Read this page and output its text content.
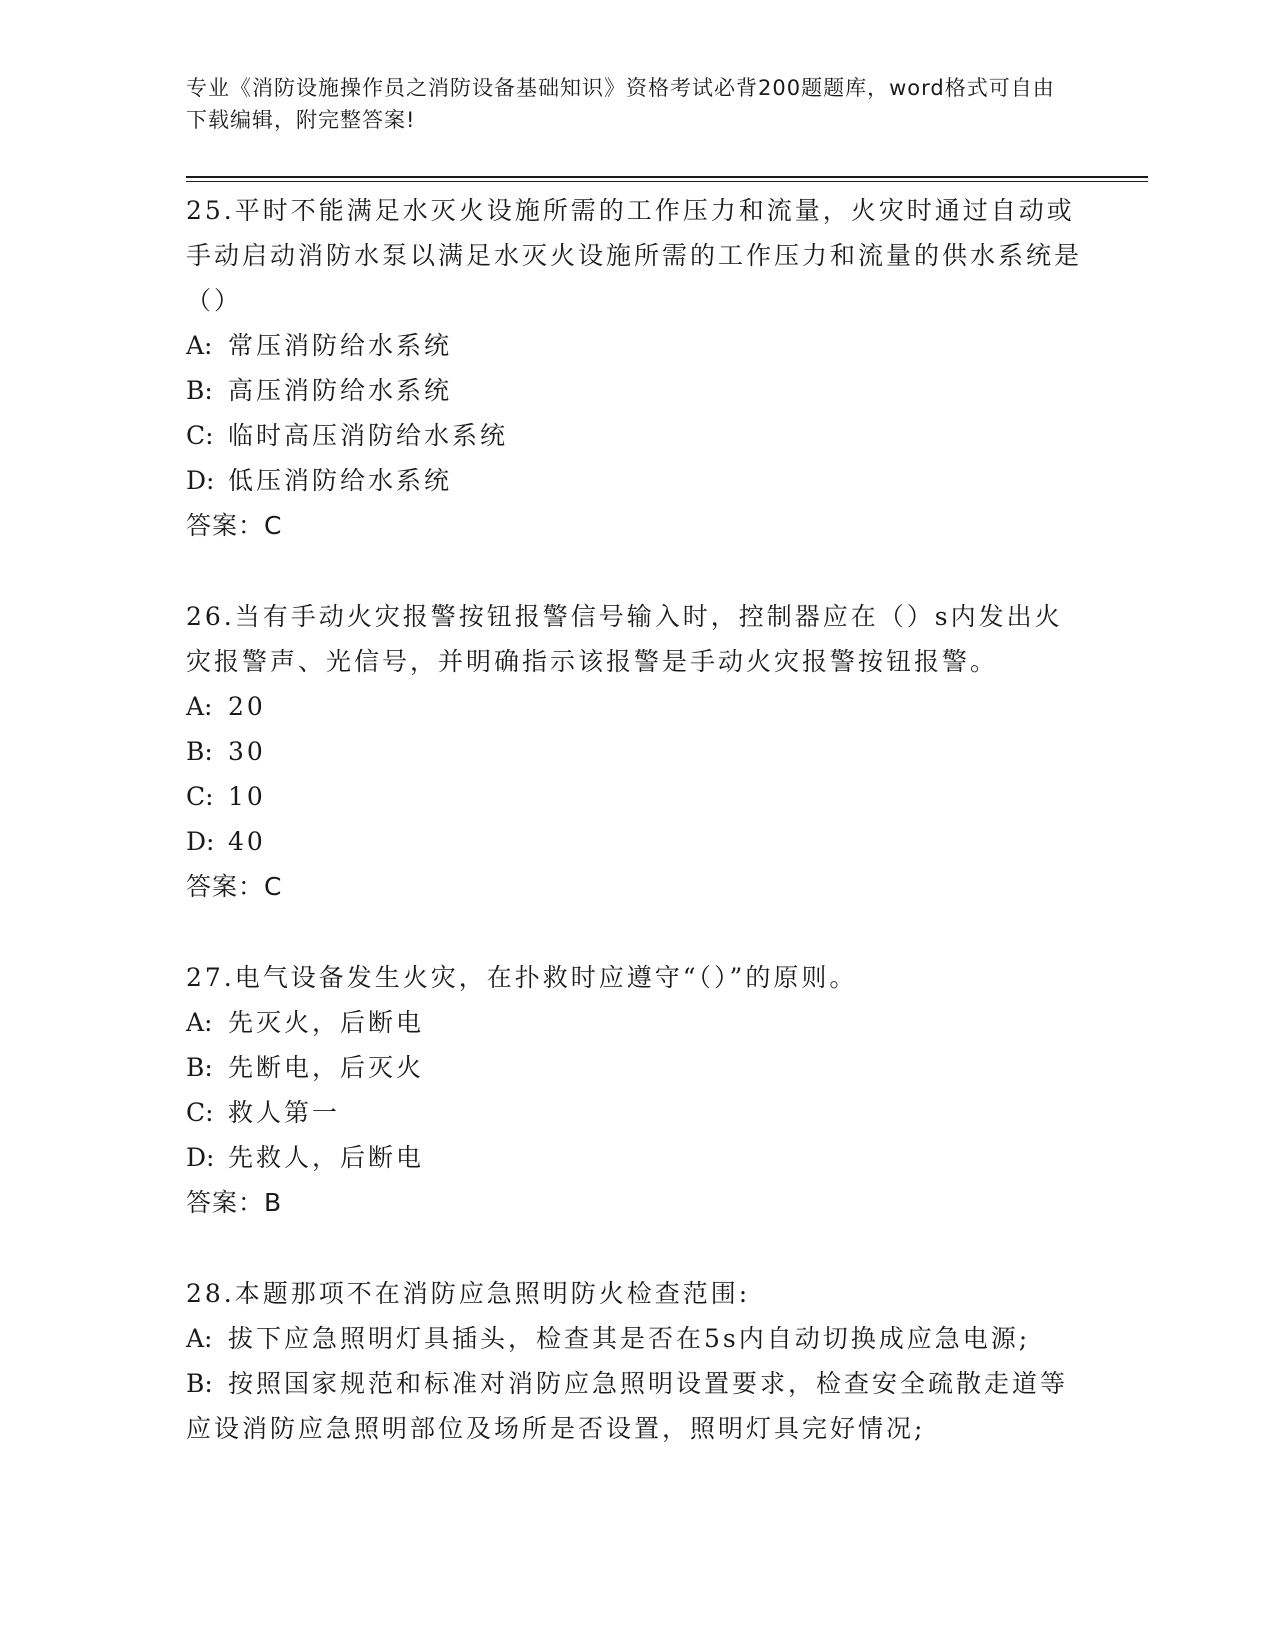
专业《消防设施操作员之消防设备基础知识》资格考试必背200题题库，word格式可自由下载编辑，附完整答案!

25.平时不能满足水灭火设施所需的工作压力和流量，火灾时通过自动或手动启动消防水泵以满足水灭火设施所需的工作压力和流量的供水系统是（）

A: 常压消防给水系统

B: 高压消防给水系统

C: 临时高压消防给水系统

D: 低压消防给水系统

答案：C

26.当有手动火灾报警按钮报警信号输入时，控制器应在（）s内发出火灾报警声、光信号，并明确指示该报警是手动火灾报警按钮报警。

A: 20

B: 30

C: 10

D: 40

答案：C

27.电气设备发生火灾，在扑救时应遵守“（）”的原则。

A: 先灭火，后断电

B: 先断电，后灭火

C: 救人第一

D: 先救人，后断电

答案：B

28.本题那项不在消防应急照明防火检查范围:

A: 拔下应急照明灯具插头，检查其是否在5s内自动切换成应急电源;

B: 按照国家规范和标准对消防应急照明设置要求，检查安全疏散走道等应设消防应急照明部位及场所是否设置，照明灯具完好情况;
